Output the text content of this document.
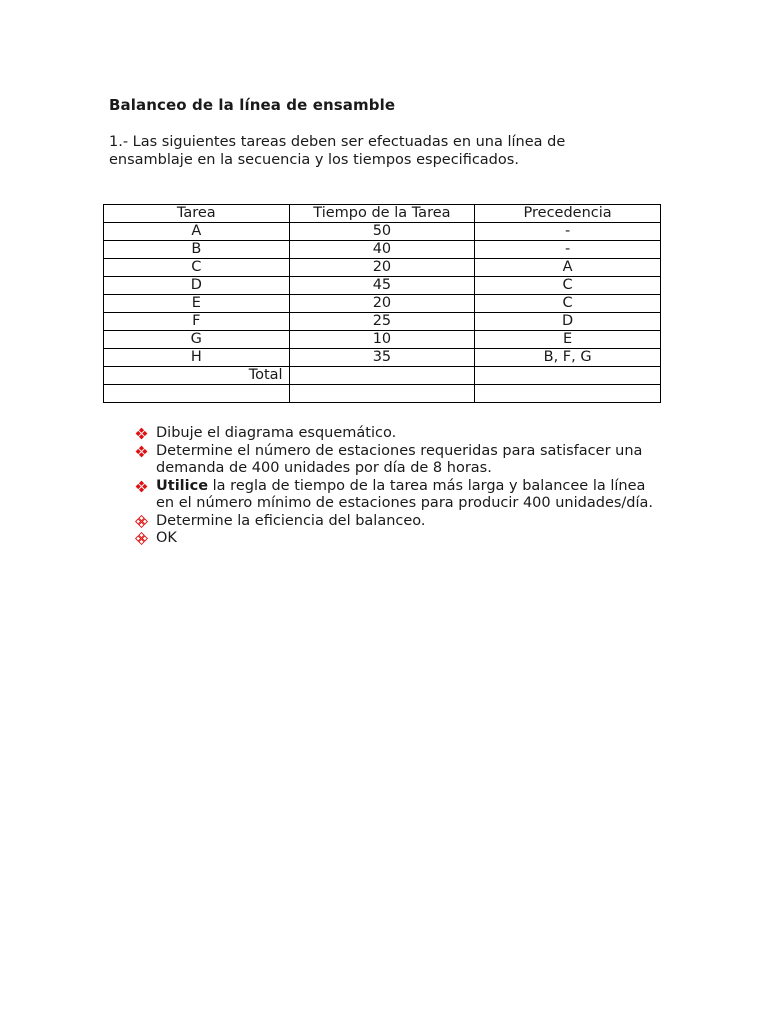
Balanceo de la línea de ensamble

1.- Las siguientes tareas deben ser efectuadas en una línea de ensamblaje en la secuencia y los tiempos especificados.

Tarea	Tiempo de la Tarea	Precedencia
A	50	-
B	40	-
C	20	A
D	45	C
E	20	C
F	25	D
G	10	E
H	35	B, F, G
Total		

Dibuje el diagrama esquemático.
Determine el número de estaciones requeridas para satisfacer una demanda de 400 unidades por día de 8 horas.
Utilice la regla de tiempo de la tarea más larga y balancee la línea en el número mínimo de estaciones para producir 400 unidades/día.
Determine la eficiencia del balanceo.
OK
